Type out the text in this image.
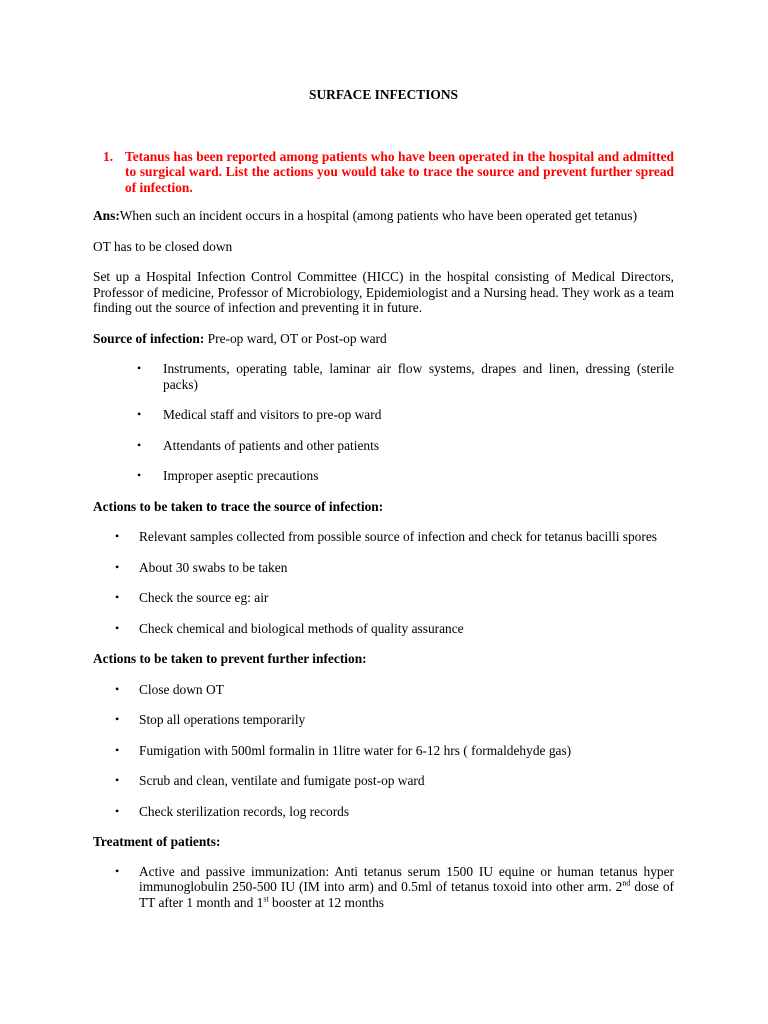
SURFACE INFECTIONS
1. Tetanus has been reported among patients who have been operated in the hospital and admitted to surgical ward. List the actions you would take to trace the source and prevent further spread of infection.

Ans:When such an incident occurs in a hospital (among patients who have been operated get tetanus)

OT has to be closed down

Set up a Hospital Infection Control Committee (HICC) in the hospital consisting of Medical Directors, Professor of medicine, Professor of Microbiology, Epidemiologist and a Nursing head. They work as a team finding out the source of infection and preventing it in future.

Source of infection: Pre-op ward, OT or Post-op ward

•	Instruments, operating table, laminar air flow systems, drapes and linen, dressing (sterile packs)
•	Medical staff and visitors to pre-op ward
•	Attendants of patients and other patients
•	Improper aseptic precautions

Actions to be taken to trace the source of infection:

•	Relevant samples collected from possible source of infection and check for tetanus bacilli spores
•	About 30 swabs to be taken
•	Check the source eg: air
•	Check chemical and biological methods of quality assurance

Actions to be taken to prevent further infection:

•	Close down OT
•	Stop all operations temporarily
•	Fumigation with 500ml formalin in 1litre water for 6-12 hrs ( formaldehyde gas)
•	Scrub and clean, ventilate and fumigate post-op ward
•	Check sterilization records, log records

Treatment of patients:

•	Active and passive immunization: Anti tetanus serum 1500 IU equine or human tetanus hyper immunoglobulin 250-500 IU (IM into arm) and 0.5ml of tetanus toxoid into other arm. 2nd dose of TT after 1 month and 1st booster at 12 months
